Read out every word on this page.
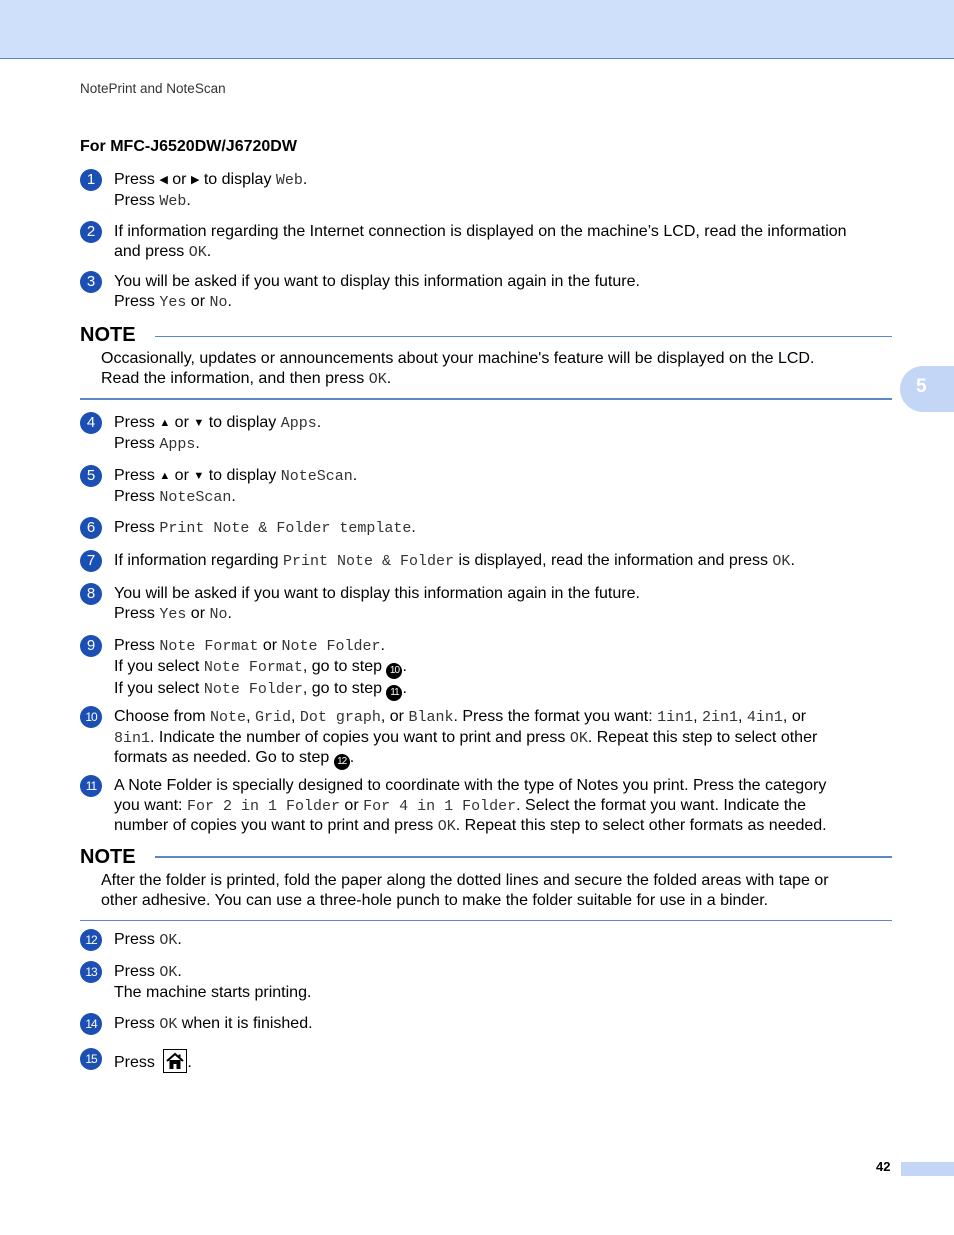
NotePrint and NoteScan
5
For MFC-J6520DW/J6720DW
1	Press ◀ or ▶ to display Web.
Press Web.
2	If information regarding the Internet connection is displayed on the machine’s LCD, read the information
and press OK.
3	You will be asked if you want to display this information again in the future.
Press Yes or No.
NOTE
Occasionally, updates or announcements about your machine's feature will be displayed on the LCD.
Read the information, and then press OK.
4	Press ▲ or ▼ to display Apps.
Press Apps.
5	Press ▲ or ▼ to display NoteScan.
Press NoteScan.
6	Press Print Note & Folder template.
7	If information regarding Print Note & Folder is displayed, read the information and press OK.
8	You will be asked if you want to display this information again in the future.
Press Yes or No.
9	Press Note Format or Note Folder.
If you select Note Format, go to step 10 .
If you select Note Folder, go to step 11 .
10	Choose from Note, Grid, Dot graph, or Blank. Press the format you want: 1in1, 2in1, 4in1, or
8in1. Indicate the number of copies you want to print and press OK. Repeat this step to select other
formats as needed. Go to step 12 .
11	A Note Folder is specially designed to coordinate with the type of Notes you print. Press the category
you want: For 2 in 1 Folder or For 4 in 1 Folder. Select the format you want. Indicate the
number of copies you want to print and press OK. Repeat this step to select other formats as needed.
NOTE
After the folder is printed, fold the paper along the dotted lines and secure the folded areas with tape or
other adhesive. You can use a three-hole punch to make the folder suitable for use in a binder.
12	Press OK.
13	Press OK.
The machine starts printing.
14	Press OK when it is finished.
15	Press .
42
